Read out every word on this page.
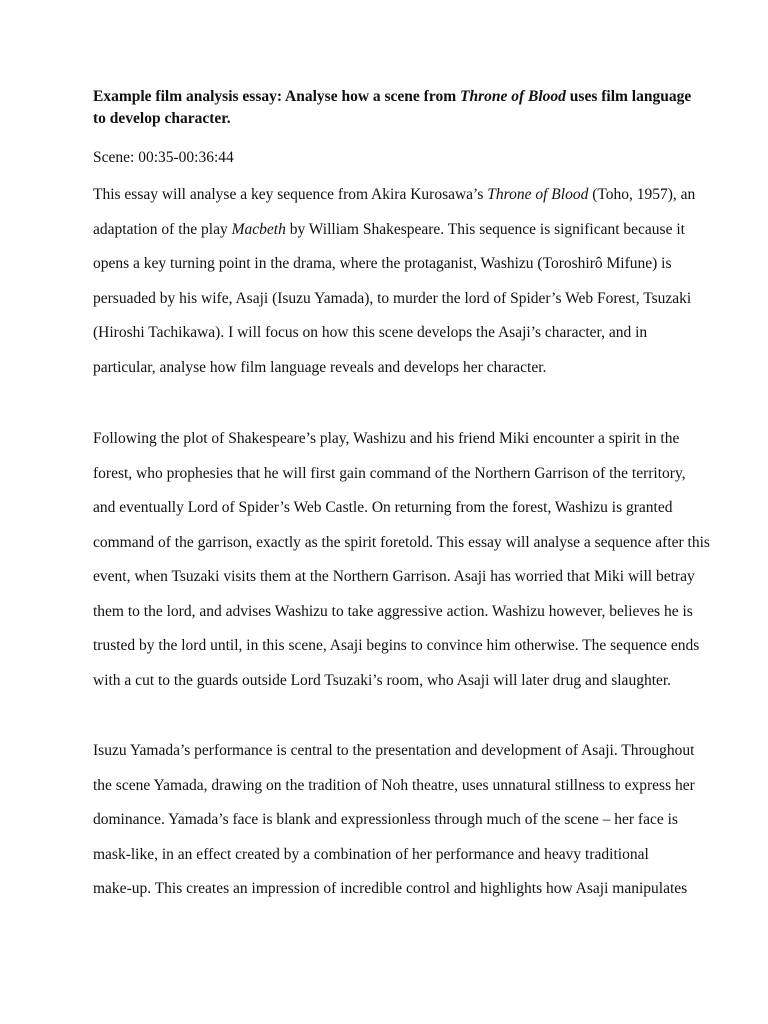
Example film analysis essay: Analyse how a scene from Throne of Blood uses film language to develop character.
Scene: 00:35-00:36:44
This essay will analyse a key sequence from Akira Kurosawa’s Throne of Blood (Toho, 1957), an
adaptation of the play Macbeth by William Shakespeare. This sequence is significant because it
opens a key turning point in the drama, where the protaganist, Washizu (Toroshirô Mifune) is
persuaded by his wife, Asaji (Isuzu Yamada), to murder the lord of Spider’s Web Forest, Tsuzaki
(Hiroshi Tachikawa). I will focus on how this scene develops the Asaji’s character, and in
particular, analyse how film language reveals and develops her character.
Following the plot of Shakespeare’s play, Washizu and his friend Miki encounter a spirit in the
forest, who prophesies that he will first gain command of the Northern Garrison of the territory,
and eventually Lord of Spider’s Web Castle. On returning from the forest, Washizu is granted
command of the garrison, exactly as the spirit foretold. This essay will analyse a sequence after this
event, when Tsuzaki visits them at the Northern Garrison. Asaji has worried that Miki will betray
them to the lord, and advises Washizu to take aggressive action. Washizu however, believes he is
trusted by the lord until, in this scene, Asaji begins to convince him otherwise. The sequence ends
with a cut to the guards outside Lord Tsuzaki’s room, who Asaji will later drug and slaughter.
Isuzu Yamada’s performance is central to the presentation and development of Asaji. Throughout
the scene Yamada, drawing on the tradition of Noh theatre, uses unnatural stillness to express her
dominance. Yamada’s face is blank and expressionless through much of the scene – her face is
mask-like, in an effect created by a combination of her performance and heavy traditional
make-up. This creates an impression of incredible control and highlights how Asaji manipulates
